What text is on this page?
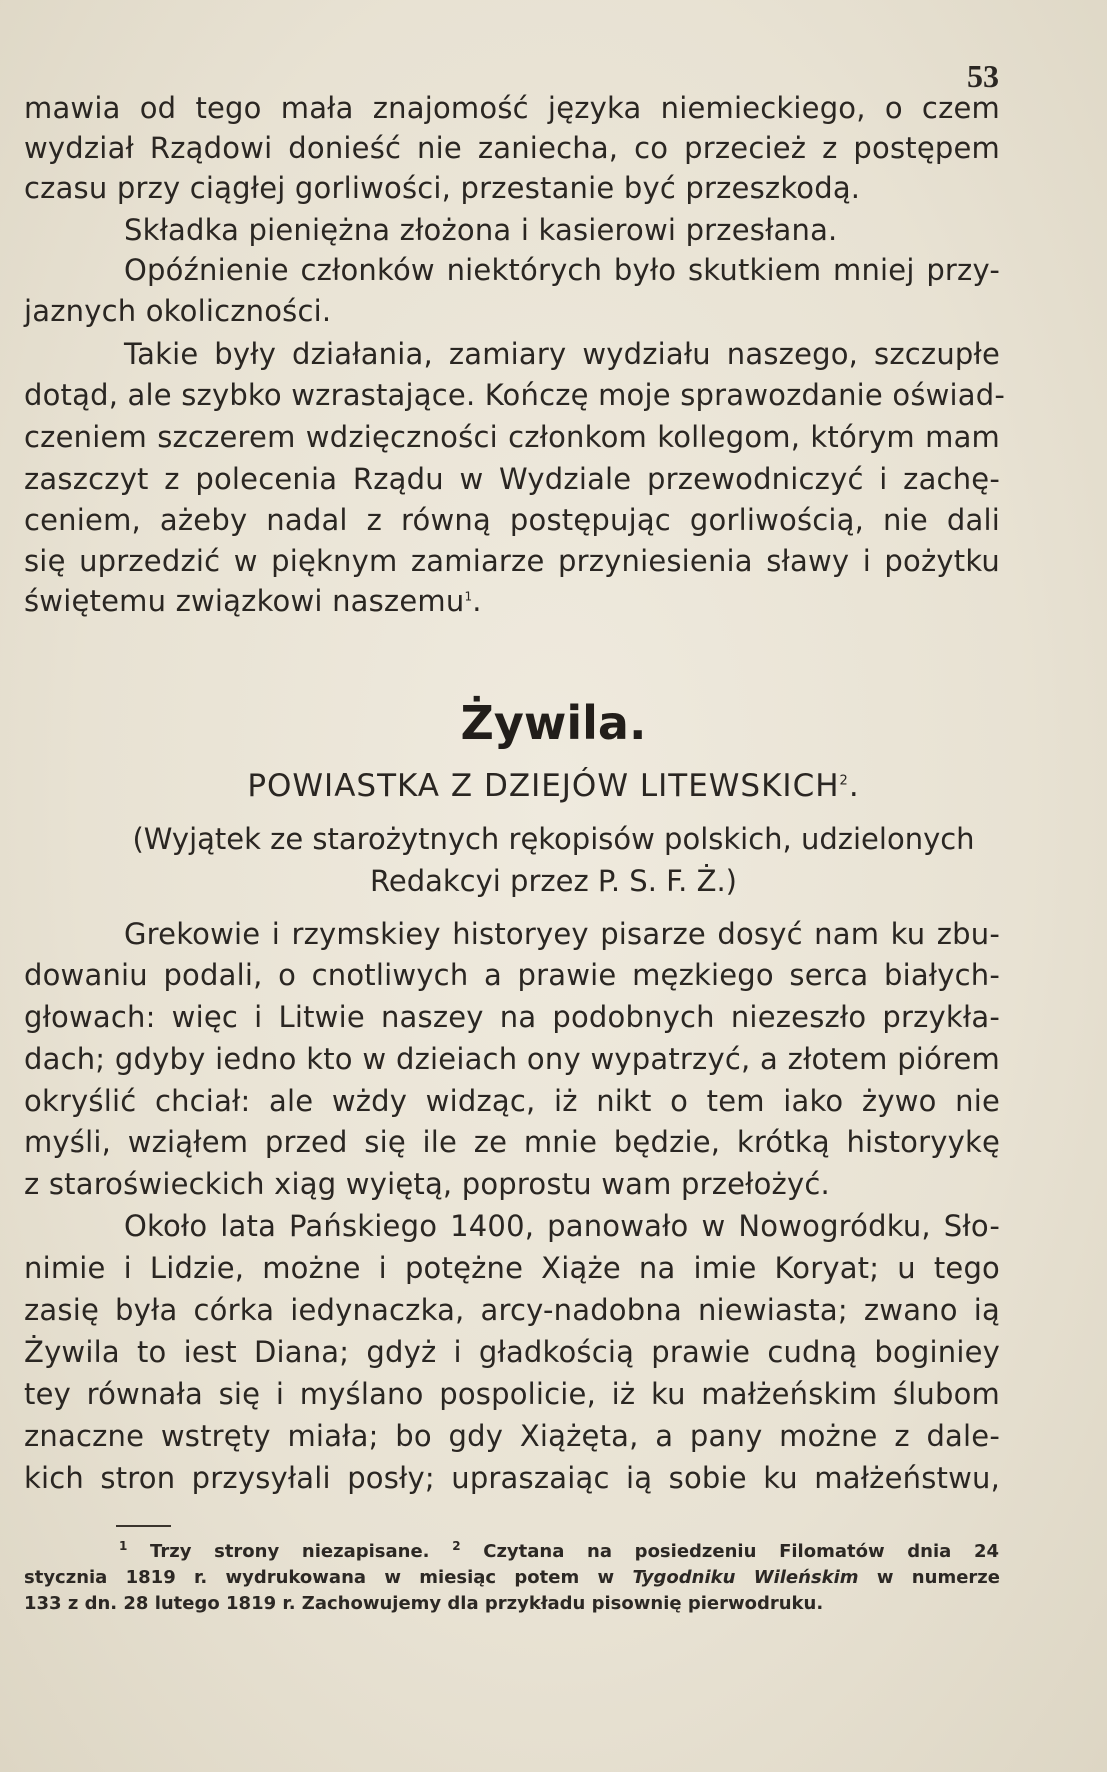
53
mawia od tego mała znajomość języka niemieckiego, o czem
wydział Rządowi donieść nie zaniecha, co przecież z postępem
czasu przy ciągłej gorliwości, przestanie być przeszkodą.
Składka pieniężna złożona i kasierowi przesłana.
Opóźnienie członków niektórych było skutkiem mniej przy-
jaznych okoliczności.
Takie były działania, zamiary wydziału naszego, szczupłe
dotąd, ale szybko wzrastające. Kończę moje sprawozdanie oświad-
czeniem szczerem wdzięczności członkom kollegom, którym mam
zaszczyt z polecenia Rządu w Wydziale przewodniczyć i zachę-
ceniem, ażeby nadal z równą postępując gorliwością, nie dali
się uprzedzić w pięknym zamiarze przyniesienia sławy i pożytku
świętemu związkowi naszemu$^1$.
Żywila.
POWIASTKA Z DZIEJÓW LITEWSKICH$^2$.
(Wyjątek ze starożytnych rękopisów polskich, udzielonych
Redakcyi przez P. S. F. Ż.)
Grekowie i rzymskiey historyey pisarze dosyć nam ku zbu-
dowaniu podali, o cnotliwych a prawie męzkiego serca białych-
głowach: więc i Litwie naszey na podobnych niezeszło przykła-
dach; gdyby iedno kto w dzieiach ony wypatrzyć, a złotem piórem
okryślić chciał: ale wżdy widząc, iż nikt o tem iako żywo nie
myśli, wziąłem przed się ile ze mnie będzie, krótką historyykę
z staroświeckich xiąg wyiętą, poprostu wam przełożyć.
Około lata Pańskiego 1400, panowało w Nowogródku, Sło-
nimie i Lidzie, możne i potężne Xiąże na imie Koryat; u tego
zasię była córka iedynaczka, arcy-nadobna niewiasta; zwano ią
Żywila to iest Diana; gdyż i gładkością prawie cudną boginiey
tey równała się i myślano pospolicie, iż ku małżeńskim ślubom
znaczne wstręty miała; bo gdy Xiążęta, a pany możne z dale-
kich stron przysyłali posły; upraszaiąc ią sobie ku małżeństwu,
$^1$ Trzy strony niezapisane. $^2$ Czytana na posiedzeniu Filomatów dnia 24
stycznia 1819 r. wydrukowana w miesiąc potem w Tygodniku Wileńskim w numerze
133 z dn. 28 lutego 1819 r. Zachowujemy dla przykładu pisownię pierwodruku.
